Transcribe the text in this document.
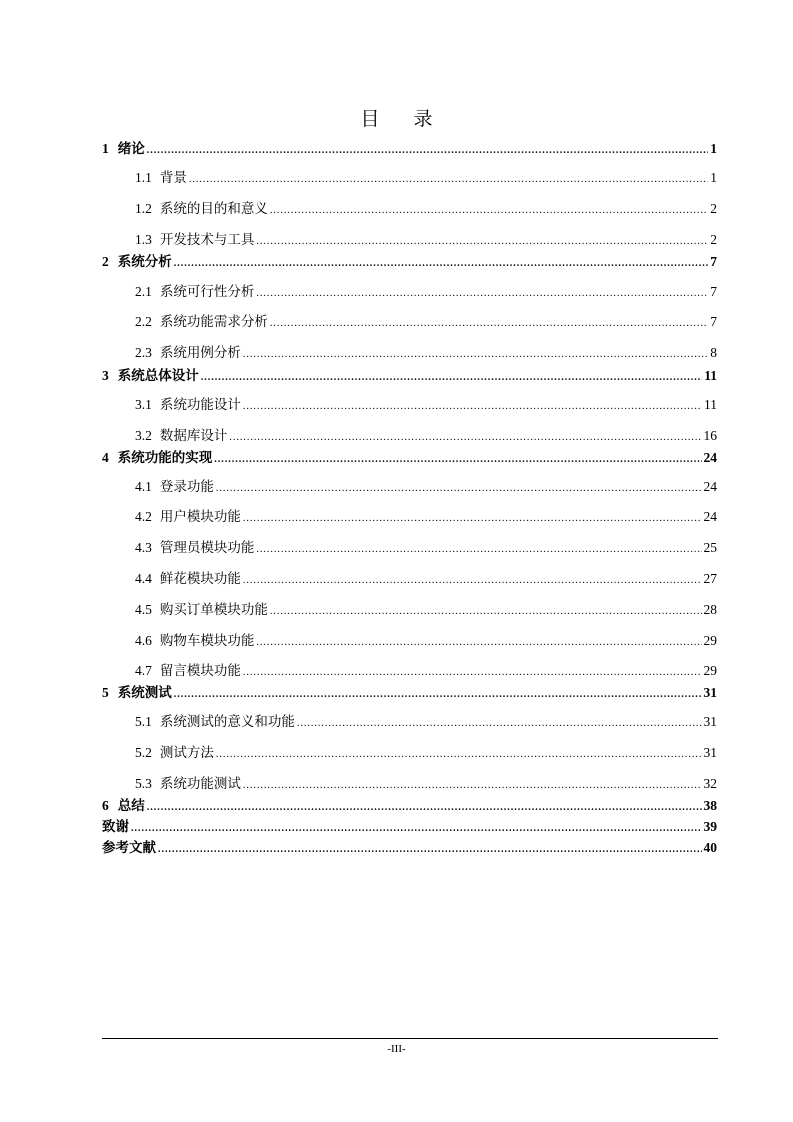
目 录
1 绪论 .....	1
1.1 背景 .....	1
1.2 系统的目的和意义 .....	2
1.3 开发技术与工具 .....	2
2 系统分析 .....	7
2.1 系统可行性分析 .....	7
2.2 系统功能需求分析 .....	7
2.3 系统用例分析 .....	8
3 系统总体设计 .....	11
3.1 系统功能设计 .....	11
3.2 数据库设计 .....	16
4 系统功能的实现 .....	24
4.1 登录功能 .....	24
4.2 用户模块功能 .....	24
4.3 管理员模块功能 .....	25
4.4 鲜花模块功能 .....	27
4.5 购买订单模块功能 .....	28
4.6 购物车模块功能 .....	29
4.7 留言模块功能 .....	29
5 系统测试 .....	31
5.1 系统测试的意义和功能 .....	31
5.2 测试方法 .....	31
5.3 系统功能测试 .....	32
6 总结 .....	38
致谢 .....	39
参考文献 .....	40
-III-
